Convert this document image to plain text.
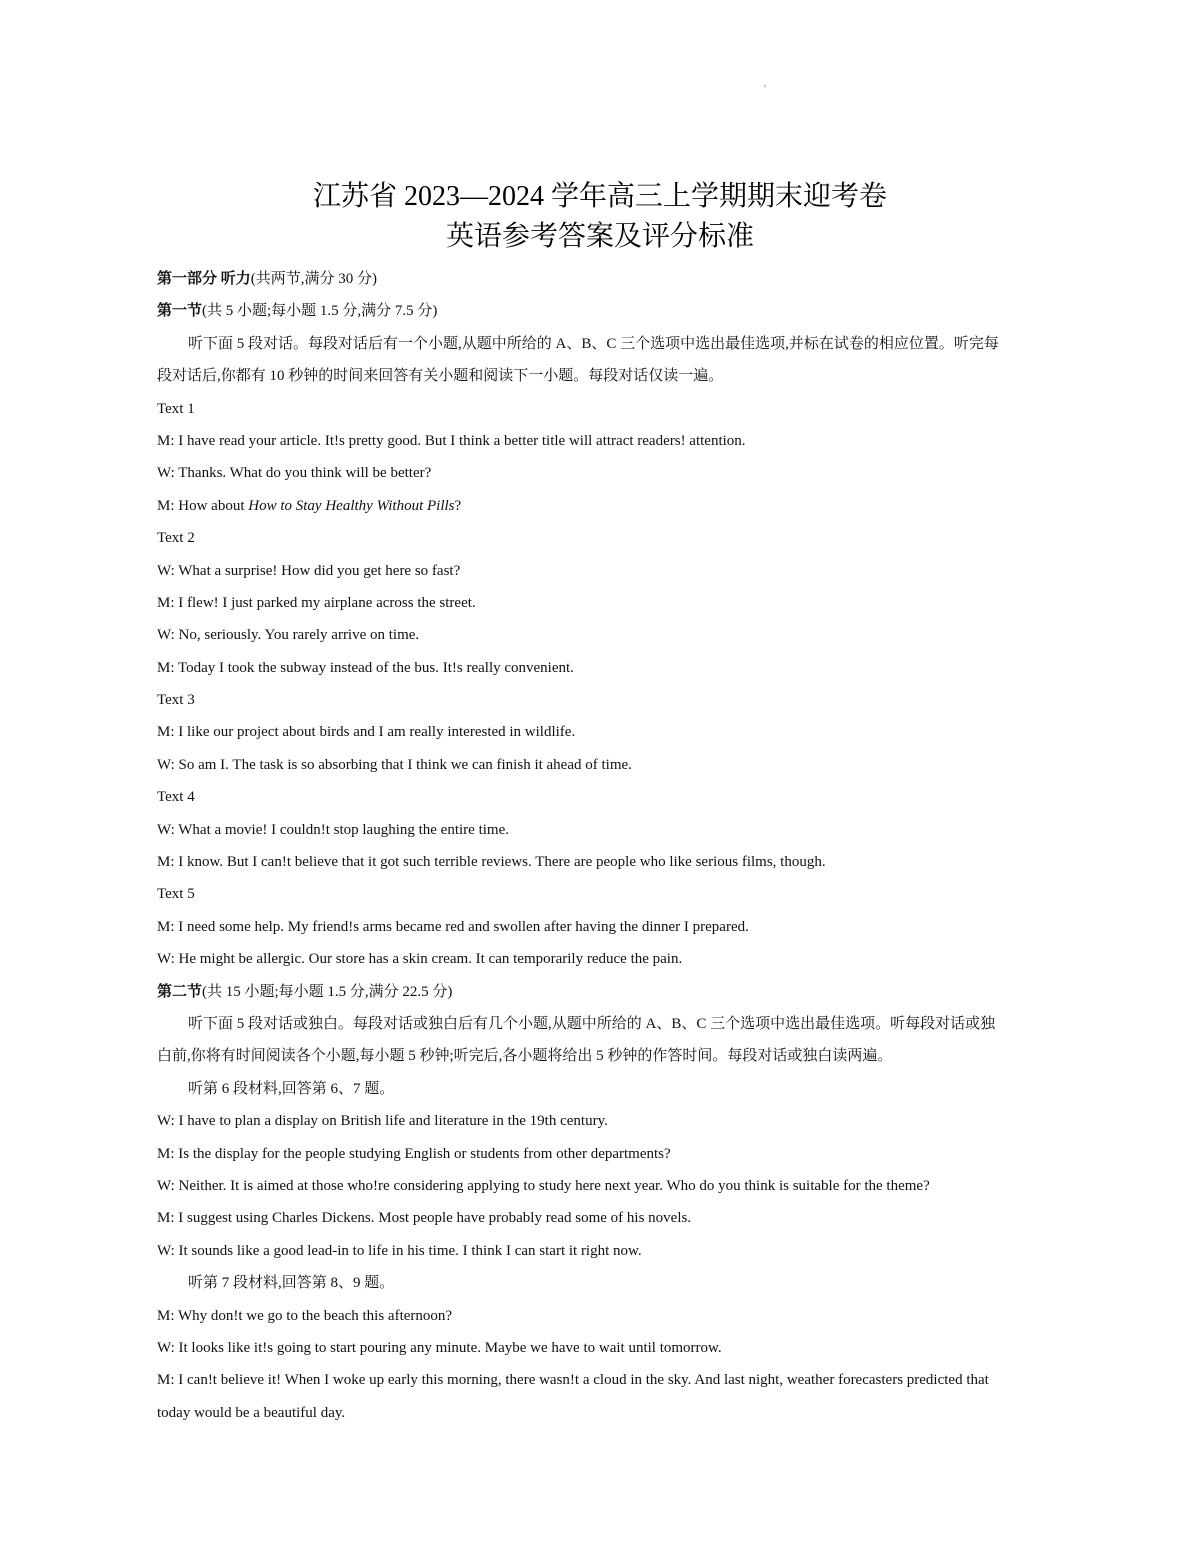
'
江苏省 2023—2024 学年高三上学期期末迎考卷
英语参考答案及评分标准
第一部分 听力(共两节,满分 30 分)
第一节(共 5 小题;每小题 1.5 分,满分 7.5 分)
听下面 5 段对话。每段对话后有一个小题,从题中所给的 A、B、C 三个选项中选出最佳选项,并标在试卷的相应位置。听完每
段对话后,你都有 10 秒钟的时间来回答有关小题和阅读下一小题。每段对话仅读一遍。
Text 1
M: I have read your article. It!s pretty good. But I think a better title will attract readers! attention.
W: Thanks. What do you think will be better?
M: How about How to Stay Healthy Without Pills?
Text 2
W: What a surprise! How did you get here so fast?
M: I flew! I just parked my airplane across the street.
W: No, seriously. You rarely arrive on time.
M: Today I took the subway instead of the bus. It!s really convenient.
Text 3
M: I like our project about birds and I am really interested in wildlife.
W: So am I. The task is so absorbing that I think we can finish it ahead of time.
Text 4
W: What a movie! I couldn!t stop laughing the entire time.
M: I know. But I can!t believe that it got such terrible reviews. There are people who like serious films, though.
Text 5
M: I need some help. My friend!s arms became red and swollen after having the dinner I prepared.
W: He might be allergic. Our store has a skin cream. It can temporarily reduce the pain.
第二节(共 15 小题;每小题 1.5 分,满分 22.5 分)
听下面 5 段对话或独白。每段对话或独白后有几个小题,从题中所给的 A、B、C 三个选项中选出最佳选项。听每段对话或独
白前,你将有时间阅读各个小题,每小题 5 秒钟;听完后,各小题将给出 5 秒钟的作答时间。每段对话或独白读两遍。
听第 6 段材料,回答第 6、7 题。
W: I have to plan a display on British life and literature in the 19th century.
M: Is the display for the people studying English or students from other departments?
W: Neither. It is aimed at those who!re considering applying to study here next year. Who do you think is suitable for the theme?
M: I suggest using Charles Dickens. Most people have probably read some of his novels.
W: It sounds like a good lead-in to life in his time. I think I can start it right now.
听第 7 段材料,回答第 8、9 题。
M: Why don!t we go to the beach this afternoon?
W: It looks like it!s going to start pouring any minute. Maybe we have to wait until tomorrow.
M: I can!t believe it! When I woke up early this morning, there wasn!t a cloud in the sky. And last night, weather forecasters predicted that
today would be a beautiful day.
